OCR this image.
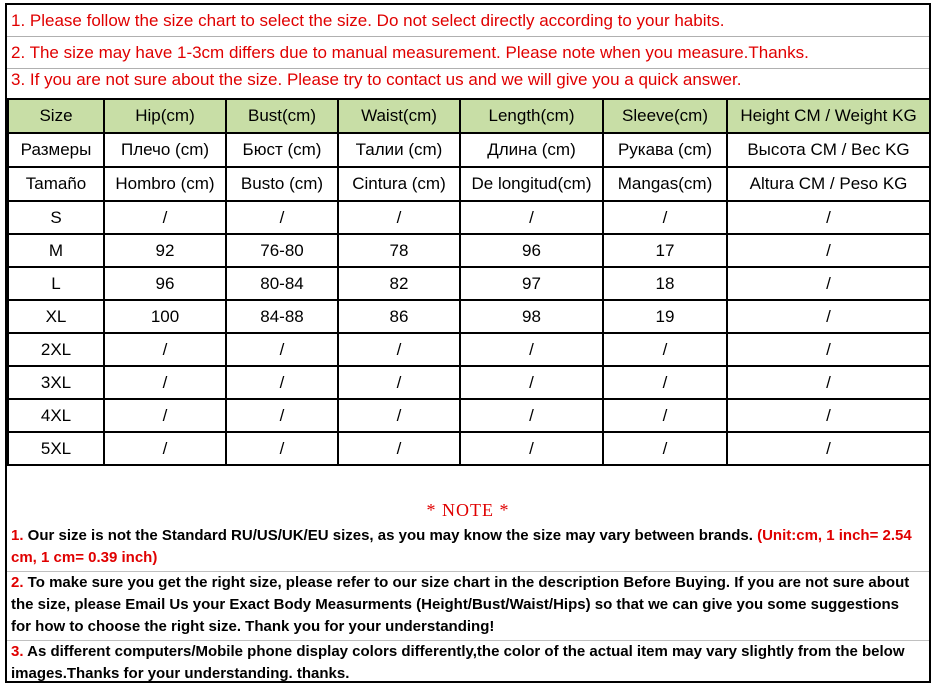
1. Please follow the size chart to select the size. Do not select directly according to your habits.
2. The size may have 1-3cm differs due to manual measurement. Please note when you measure.Thanks.
3. If you are not sure about the size. Please try to contact us and we will give you a quick answer.
Size	Hip(cm)	Bust(cm)	Waist(cm)	Length(cm)	Sleeve(cm)	Height CM / Weight KG
Размеры	Плечо (cm)	Бюст (cm)	Талии (cm)	Длина (cm)	Рукава (cm)	Высота CM / Вес KG
Tamaño	Hombro (cm)	Busto (cm)	Cintura (cm)	De longitud(cm)	Mangas(cm)	Altura CM / Peso KG
S	/	/	/	/	/	/
M	92	76-80	78	96	17	/
L	96	80-84	82	97	18	/
XL	100	84-88	86	98	19	/
2XL	/	/	/	/	/	/
3XL	/	/	/	/	/	/
4XL	/	/	/	/	/	/
5XL	/	/	/	/	/	/
* NOTE *
1. Our size is not the Standard RU/US/UK/EU sizes, as you may know the size may vary between brands. (Unit:cm, 1 inch= 2.54 cm, 1 cm= 0.39 inch)
2. To make sure you get the right size, please refer to our size chart in the description Before Buying. If you are not sure about the size, please Email Us your Exact Body Measurments (Height/Bust/Waist/Hips) so that we can give you some suggestions for how to choose the right size. Thank you for your understanding!
3. As different computers/Mobile phone display colors differently,the color of the actual item may vary slightly from the below images.Thanks for your understanding. thanks.
